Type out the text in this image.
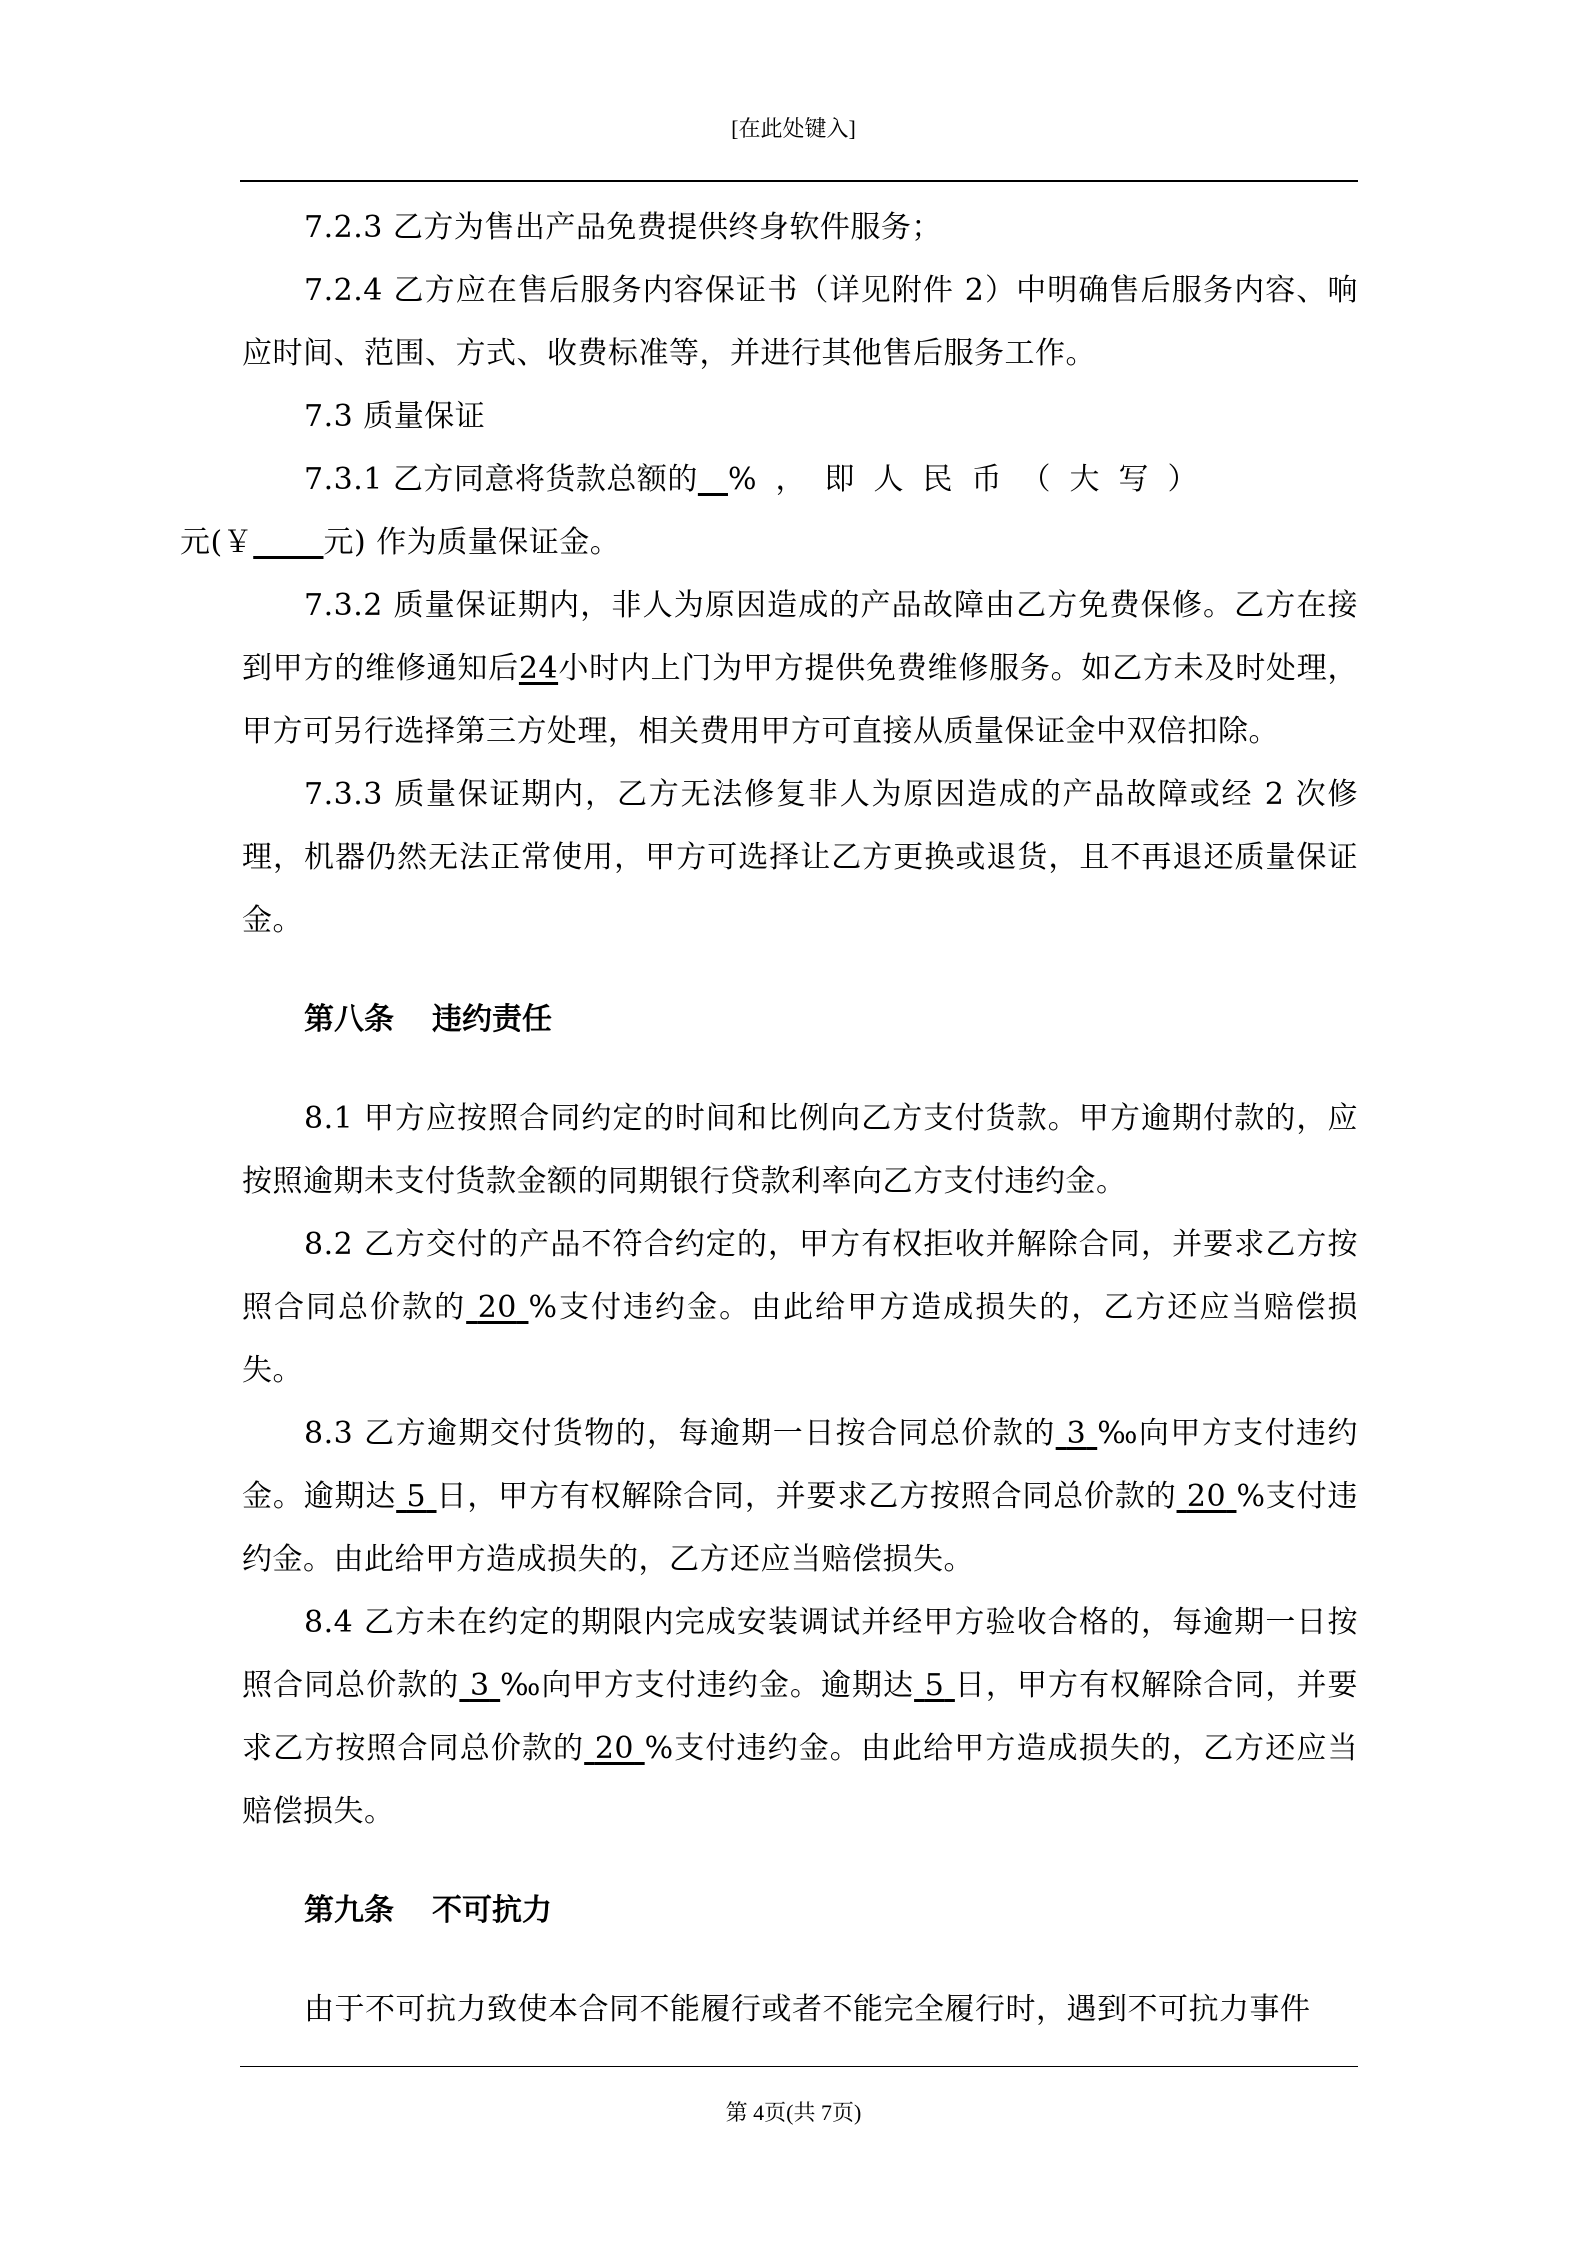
[在此处键入]

7.2.3 乙方为售出产品免费提供终身软件服务；

7.2.4 乙方应在售后服务内容保证书（详见附件 2）中明确售后服务内容、响应时间、范围、方式、收费标准等，并进行其他售后服务工作。

7.3 质量保证

7.3.1 乙方同意将货款总额的 %，即人民币（大写）
元(￥ 元) 作为质量保证金。

7.3.2 质量保证期内，非人为原因造成的产品故障由乙方免费保修。乙方在接到甲方的维修通知后24小时内上门为甲方提供免费维修服务。如乙方未及时处理，甲方可另行选择第三方处理，相关费用甲方可直接从质量保证金中双倍扣除。

7.3.3 质量保证期内，乙方无法修复非人为原因造成的产品故障或经 2 次修理，机器仍然无法正常使用，甲方可选择让乙方更换或退货，且不再退还质量保证金。

第八条 违约责任

8.1 甲方应按照合同约定的时间和比例向乙方支付货款。甲方逾期付款的，应按照逾期未支付货款金额的同期银行贷款利率向乙方支付违约金。

8.2 乙方交付的产品不符合约定的，甲方有权拒收并解除合同，并要求乙方按照合同总价款的 20 %支付违约金。由此给甲方造成损失的，乙方还应当赔偿损失。

8.3 乙方逾期交付货物的，每逾期一日按合同总价款的 3 ‰向甲方支付违约金。逾期达 5 日，甲方有权解除合同，并要求乙方按照合同总价款的 20 %支付违约金。由此给甲方造成损失的，乙方还应当赔偿损失。

8.4 乙方未在约定的期限内完成安装调试并经甲方验收合格的，每逾期一日按照合同总价款的 3 ‰向甲方支付违约金。逾期达 5 日，甲方有权解除合同，并要求乙方按照合同总价款的 20 %支付违约金。由此给甲方造成损失的，乙方还应当赔偿损失。

第九条 不可抗力

由于不可抗力致使本合同不能履行或者不能完全履行时，遇到不可抗力事件

第 4页(共 7页)
